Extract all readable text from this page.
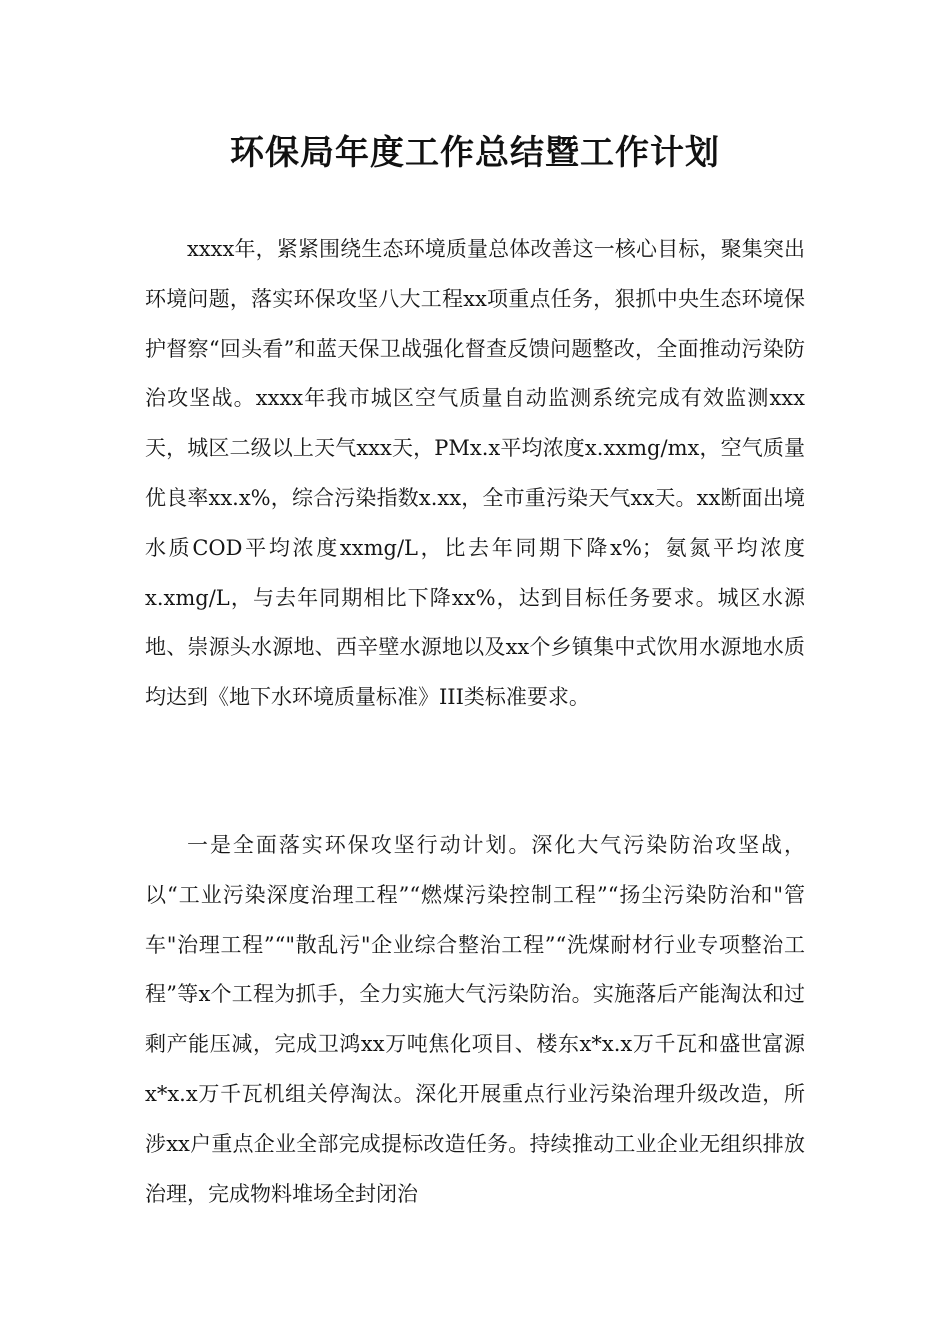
环保局年度工作总结暨工作计划

xxxx年，紧紧围绕生态环境质量总体改善这一核心目标，聚集突出环境问题，落实环保攻坚八大工程xx项重点任务，狠抓中央生态环境保护督察“回头看”和蓝天保卫战强化督查反馈问题整改，全面推动污染防治攻坚战。xxxx年我市城区空气质量自动监测系统完成有效监测xxx天，城区二级以上天气xxx天，PMx.x平均浓度x.xxmg/mx，空气质量优良率xx.x%，综合污染指数x.xx，全市重污染天气xx天。xx断面出境水质COD平均浓度xxmg/L，比去年同期下降x%；氨氮平均浓度x.xmg/L，与去年同期相比下降xx%，达到目标任务要求。城区水源地、崇源头水源地、西辛壁水源地以及xx个乡镇集中式饮用水源地水质均达到《地下水环境质量标准》III类标准要求。

一是全面落实环保攻坚行动计划。深化大气污染防治攻坚战，以“工业污染深度治理工程”“燃煤污染控制工程”“扬尘污染防治和"管车"治理工程”“"散乱污"企业综合整治工程”“洗煤耐材行业专项整治工程”等x个工程为抓手，全力实施大气污染防治。实施落后产能淘汰和过剩产能压减，完成卫鸿xx万吨焦化项目、楼东x*x.x万千瓦和盛世富源x*x.x万千瓦机组关停淘汰。深化开展重点行业污染治理升级改造，所涉xx户重点企业全部完成提标改造任务。持续推动工业企业无组织排放治理，完成物料堆场全封闭治
